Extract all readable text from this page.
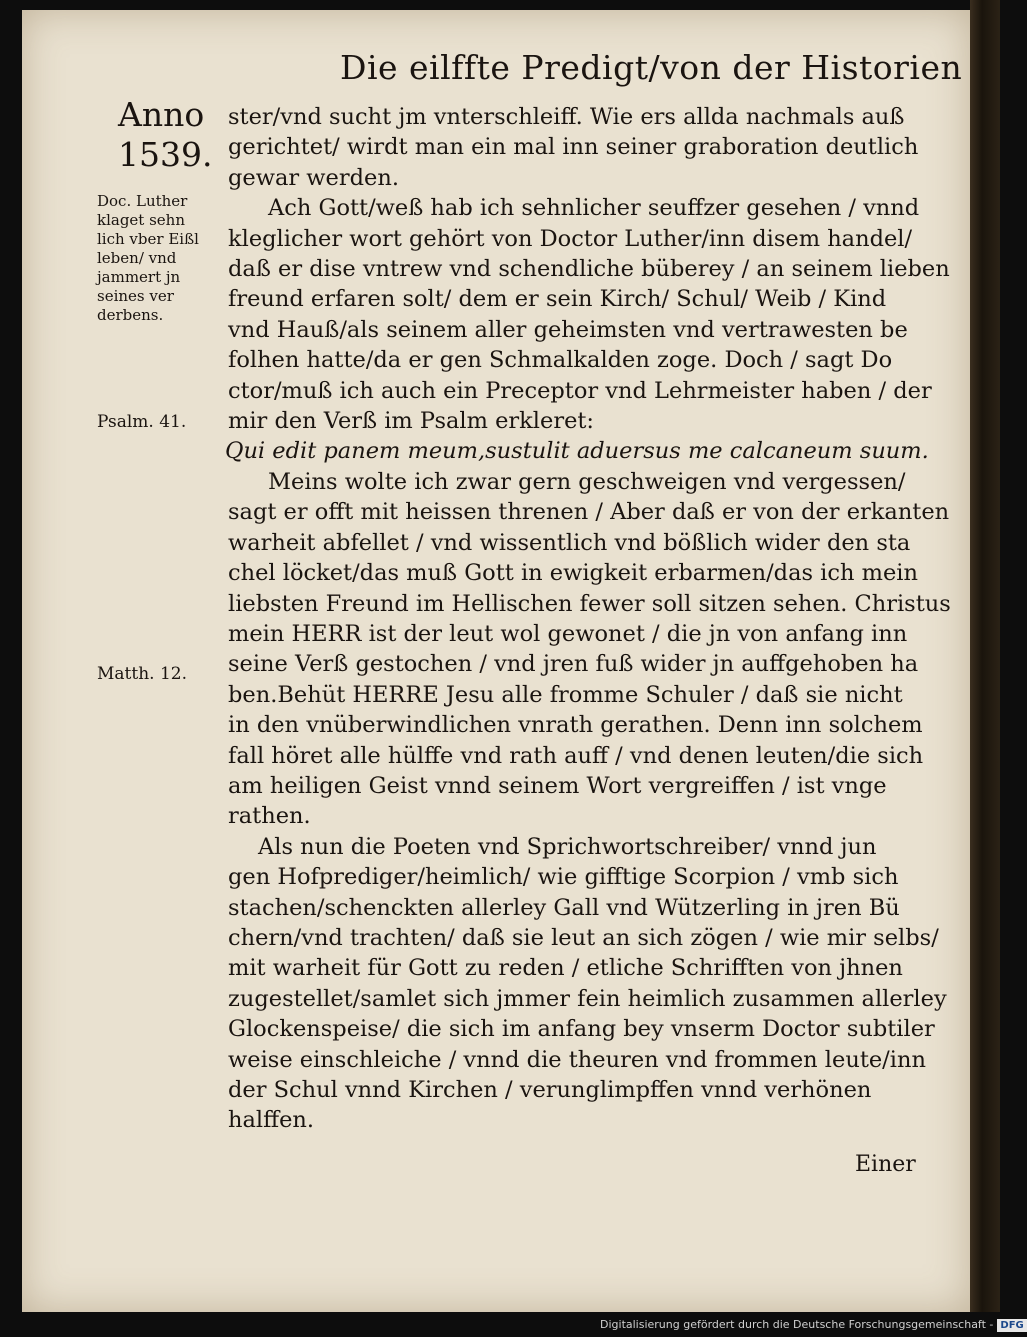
Die eilffte Predigt/von der Historien
Anno
1539.
Doc. Luther
klaget sehn
lich vber Eißl
leben/ vnd
jammert jn
seines ver
derbens.
Psalm. 41.
Matth. 12.
ster/vnd sucht jm vnterschleiff. Wie ers allda nachmals auß
gerichtet/ wirdt man ein mal inn seiner graboration deutlich
gewar werden.
Ach Gott/weß hab ich sehnlicher seuffzer gesehen / vnnd
kleglicher wort gehört von Doctor Luther/inn disem handel/
daß er dise vntrew vnd schendliche büberey / an seinem lieben
freund erfaren solt/ dem er sein Kirch/ Schul/ Weib / Kind
vnd Hauß/als seinem aller geheimsten vnd vertrawesten be
folhen hatte/da er gen Schmalkalden zoge. Doch / sagt Do
ctor/muß ich auch ein Preceptor vnd Lehrmeister haben / der
mir den Verß im Psalm erkleret:
Qui edit panem meum,sustulit aduersus me calcaneum suum.
Meins wolte ich zwar gern geschweigen vnd vergessen/
sagt er offt mit heissen threnen / Aber daß er von der erkanten
warheit abfellet / vnd wissentlich vnd bößlich wider den sta
chel löcket/das muß Gott in ewigkeit erbarmen/das ich mein
liebsten Freund im Hellischen fewer soll sitzen sehen. Christus
mein HERR ist der leut wol gewonet / die jn von anfang inn
seine Verß gestochen / vnd jren fuß wider jn auffgehoben ha
ben.Behüt HERRE Jesu alle fromme Schuler / daß sie nicht
in den vnüberwindlichen vnrath gerathen. Denn inn solchem
fall höret alle hülffe vnd rath auff / vnd denen leuten/die sich
am heiligen Geist vnnd seinem Wort vergreiffen / ist vnge
rathen.
Als nun die Poeten vnd Sprichwortschreiber/ vnnd jun
gen Hofprediger/heimlich/ wie gifftige Scorpion / vmb sich
stachen/schenckten allerley Gall vnd Wützerling in jren Bü
chern/vnd trachten/ daß sie leut an sich zögen / wie mir selbs/
mit warheit für Gott zu reden / etliche Schrifften von jhnen
zugestellet/samlet sich jmmer fein heimlich zusammen allerley
Glockenspeise/ die sich im anfang bey vnserm Doctor subtiler
weise einschleiche / vnnd die theuren vnd frommen leute/inn
der Schul vnnd Kirchen / verunglimpffen vnnd verhönen
halffen.
Einer
Digitalisierung gefördert durch die Deutsche Forschungsgemeinschaft - DFG
